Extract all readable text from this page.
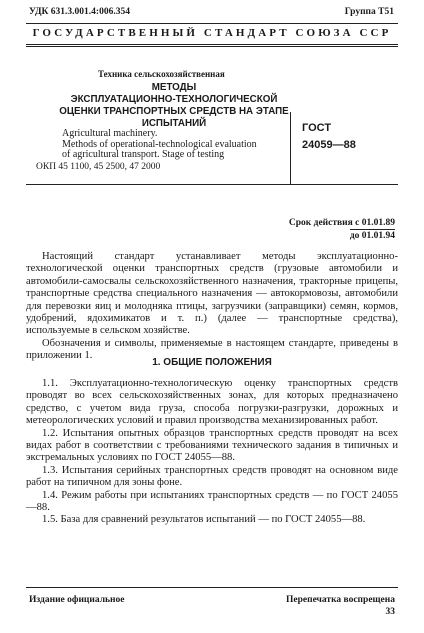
УДК 631.3.001.4:006.354	Группа Т51
ГОСУДАРСТВЕННЫЙ СТАНДАРТ СОЮЗА ССР
Техника сельскохозяйственная
МЕТОДЫ
ЭКСПЛУАТАЦИОННО-ТЕХНОЛОГИЧЕСКОЙ
ОЦЕНКИ ТРАНСПОРТНЫХ СРЕДСТВ НА ЭТАПЕ
ИСПЫТАНИЙ	ГОСТ
24059—88
Agricultural machinery.
Methods of operational-technological evaluation
of agricultural transport. Stage of testing
ОКП 45 1100, 45 2500, 47 2000
Срок действия с 01.01.89
до 01.01.94

Настоящий стандарт устанавливает методы эксплуатационно-технологической оценки транспортных средств (грузовые автомобили и автомобили-самосвалы сельскохозяйственного назначения, тракторные прицепы, транспортные средства специального назначения — автокормовозы, автомобили для перевозки яиц и молодняка птицы, загрузчики (заправщики) семян, кормов, удобрений, ядохимикатов и т. п.) (далее — транспортные средства), используемые в сельском хозяйстве.

Обозначения и символы, применяемые в настоящем стандарте, приведены в приложении 1.

1. ОБЩИЕ ПОЛОЖЕНИЯ

1.1. Эксплуатационно-технологическую оценку транспортных средств проводят во всех сельскохозяйственных зонах, для которых предназначено средство, с учетом вида груза, способа погрузки-разгрузки, дорожных и метеорологических условий и правил производства механизированных работ.

1.2. Испытания опытных образцов транспортных средств проводят на всех видах работ в соответствии с требованиями технического задания в типичных и экстремальных условиях по ГОСТ 24055—88.

1.3. Испытания серийных транспортных средств проводят на основном виде работ на типичном для зоны фоне.

1.4. Режим работы при испытаниях транспортных средств — по ГОСТ 24055—88.

1.5. База для сравнений результатов испытаний — по ГОСТ 24055—88.

Издание официальное	Перепечатка воспрещена
33
